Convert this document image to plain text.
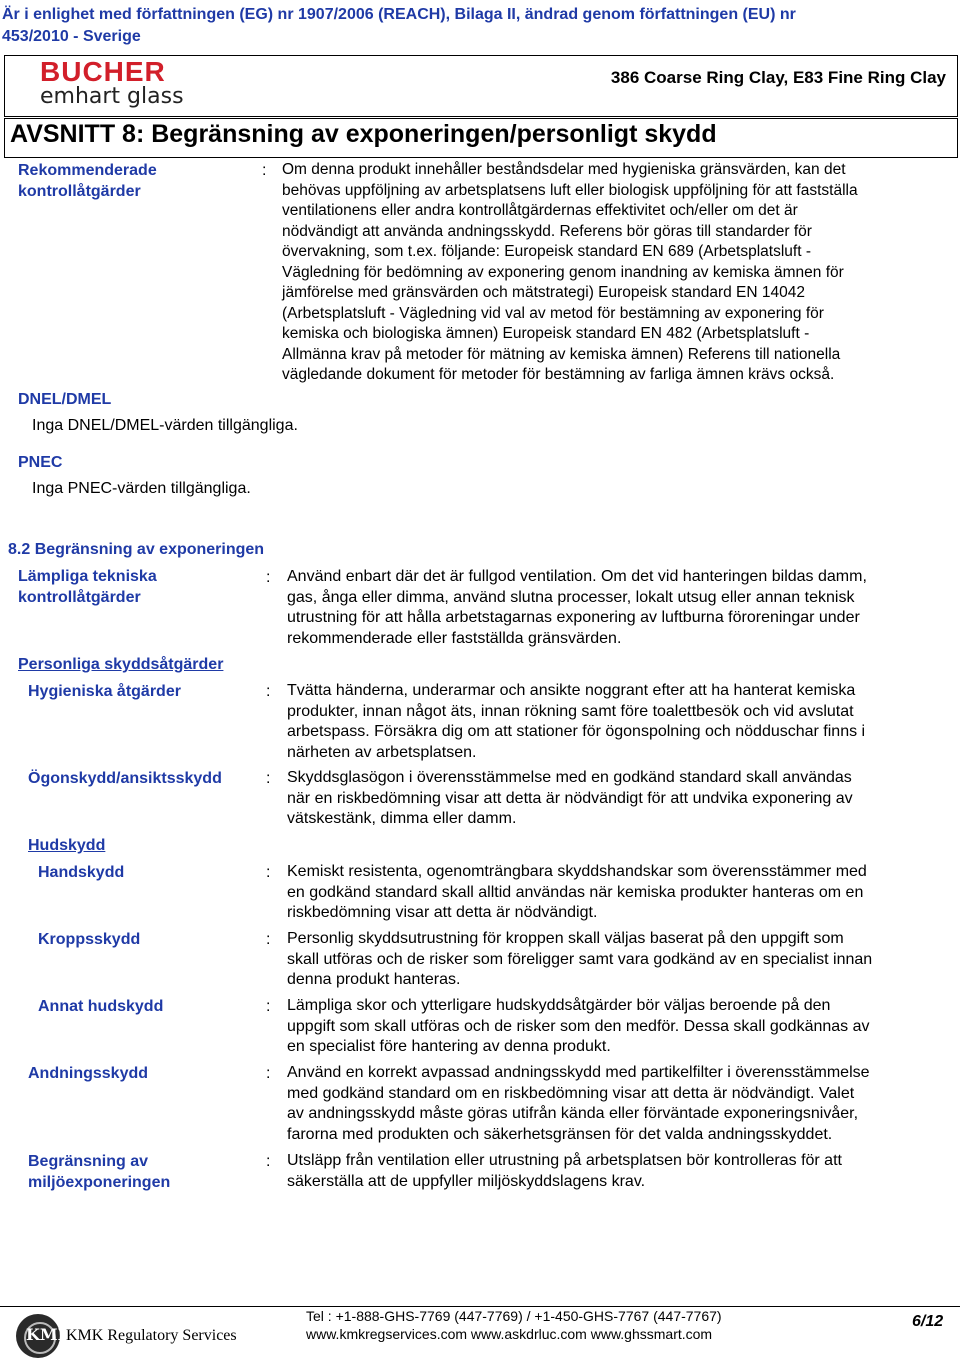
Är i enlighet med författningen (EG) nr 1907/2006 (REACH), Bilaga II, ändrad genom författningen (EU) nr
453/2010 - Sverige
BUCHER
emhart glass
386 Coarse Ring Clay, E83 Fine Ring Clay
AVSNITT 8: Begränsning av exponeringen/personligt skydd
Rekommenderade
kontrollåtgärder
: Om denna produkt innehåller beståndsdelar med hygieniska gränsvärden, kan det
behövas uppföljning av arbetsplatsens luft eller biologisk uppföljning för att fastställa
ventilationens eller andra kontrollåtgärdernas effektivitet och/eller om det är
nödvändigt att använda andningsskydd. Referens bör göras till standarder för
övervakning, som t.ex. följande: Europeisk standard EN 689 (Arbetsplatsluft -
Vägledning för bedömning av exponering genom inandning av kemiska ämnen för
jämförelse med gränsvärden och mätstrategi) Europeisk standard EN 14042
(Arbetsplatsluft - Vägledning vid val av metod för bestämning av exponering för
kemiska och biologiska ämnen) Europeisk standard EN 482 (Arbetsplatsluft -
Allmänna krav på metoder för mätning av kemiska ämnen) Referens till nationella
vägledande dokument för metoder för bestämning av farliga ämnen krävs också.
DNEL/DMEL
Inga DNEL/DMEL-värden tillgängliga.
PNEC
Inga PNEC-värden tillgängliga.
8.2 Begränsning av exponeringen
Lämpliga tekniska
kontrollåtgärder
: Använd enbart där det är fullgod ventilation. Om det vid hanteringen bildas damm,
gas, ånga eller dimma, använd slutna processer, lokalt utsug eller annan teknisk
utrustning för att hålla arbetstagarnas exponering av luftburna föroreningar under
rekommenderade eller fastställda gränsvärden.
Personliga skyddsåtgärder
Hygieniska åtgärder	: Tvätta händerna, underarmar och ansikte noggrant efter att ha hanterat kemiska
produkter, innan något äts, innan rökning samt före toalettbesök och vid avslutat
arbetspass. Försäkra dig om att stationer för ögonspolning och nödduschar finns i
närheten av arbetsplatsen.
Ögonskydd/ansiktsskydd	: Skyddsglasögon i överensstämmelse med en godkänd standard skall användas
när en riskbedömning visar att detta är nödvändigt för att undvika exponering av
vätskestänk, dimma eller damm.
Hudskydd
Handskydd	: Kemiskt resistenta, ogenomträngbara skyddshandskar som överensstämmer med
en godkänd standard skall alltid användas när kemiska produkter hanteras om en
riskbedömning visar att detta är nödvändigt.
Kroppsskydd	: Personlig skyddsutrustning för kroppen skall väljas baserat på den uppgift som
skall utföras och de risker som föreligger samt vara godkänd av en specialist innan
denna produkt hanteras.
Annat hudskydd	: Lämpliga skor och ytterligare hudskyddsåtgärder bör väljas beroende på den
uppgift som skall utföras och de risker som den medför. Dessa skall godkännas av
en specialist före hantering av denna produkt.
Andningsskydd	: Använd en korrekt avpassad andningsskydd med partikelfilter i överensstämmelse
med godkänd standard om en riskbedömning visar att detta är nödvändigt. Valet
av andningsskydd måste göras utifrån kända eller förväntade exponeringsnivåer,
farorna med produkten och säkerhetsgränsen för det valda andningsskyddet.
Begränsning av
miljöexponeringen
: Utsläpp från ventilation eller utrustning på arbetsplatsen bör kontrolleras för att
säkerställa att de uppfyller miljöskyddslagens krav.
KMK
KMK Regulatory Services
Tel : +1-888-GHS-7769 (447-7769) / +1-450-GHS-7767 (447-7767)
www.kmkregservices.com www.askdrluc.com www.ghssmart.com
6/12
